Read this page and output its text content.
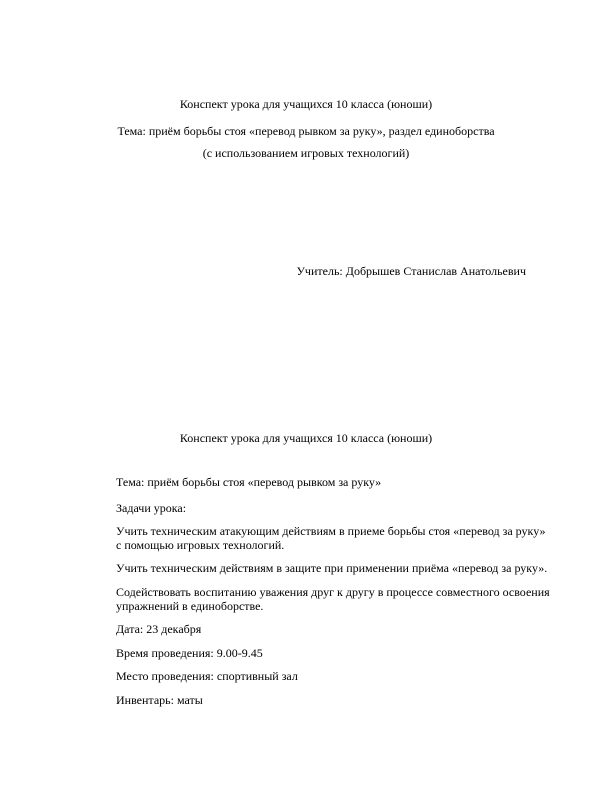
Конспект урока для учащихся 10 класса (юноши)
Тема: приём борьбы стоя «перевод рывком за руку», раздел единоборства
(с использованием игровых технологий)
Учитель: Добрышев Станислав Анатольевич
Конспект урока для учащихся 10 класса (юноши)
Тема: приём борьбы стоя «перевод рывком за руку»
Задачи урока:
Учить техническим атакующим действиям в приеме борьбы стоя «перевод за руку»
с помощью игровых технологий.
Учить техническим действиям в защите при применении приёма «перевод за руку».
Содействовать воспитанию уважения друг к другу в процессе совместного освоения
упражнений в единоборстве.
Дата: 23 декабря
Время проведения: 9.00-9.45
Место проведения: спортивный зал
Инвентарь: маты
